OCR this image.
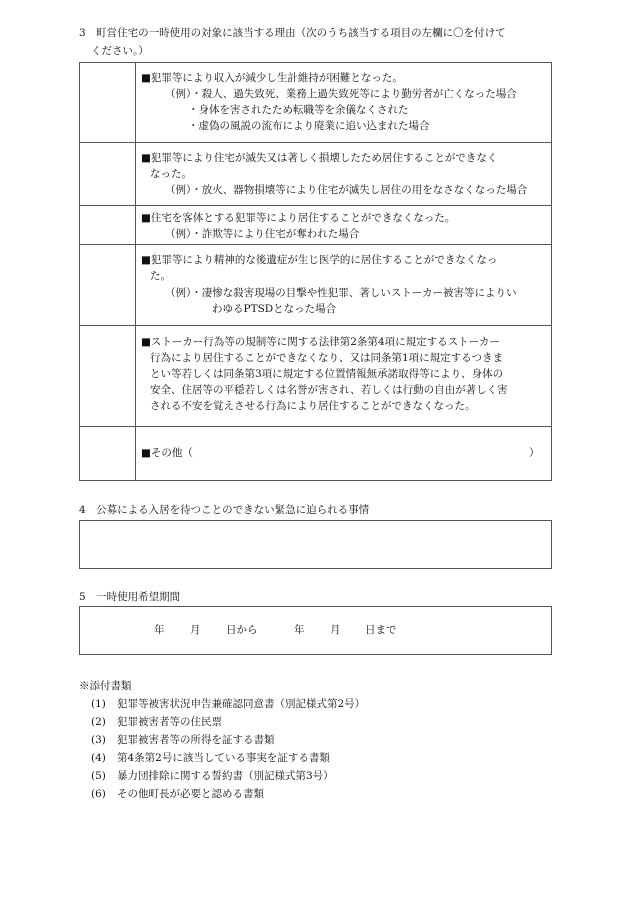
3　町営住宅の一時使用の対象に該当する理由（次のうち該当する項目の左欄に〇を付けて
ください。）
■犯罪等により収入が減少し生計維持が困難となった。
（例）・殺人、過失致死、業務上過失致死等により勤労者が亡くなった場合
・身体を害されたため転職等を余儀なくされた
・虚偽の風説の流布により廃業に追い込まれた場合
■犯罪等により住宅が滅失又は著しく損壊したため居住することができなく
なった。
（例）・放火、器物損壊等により住宅が滅失し居住の用をなさなくなった場合
■住宅を客体とする犯罪等により居住することができなくなった。
（例）・詐欺等により住宅が奪われた場合
■犯罪等により精神的な後遺症が生じ医学的に居住することができなくなっ
た。
（例）・凄惨な殺害現場の目撃や性犯罪、著しいストーカー被害等によりい
わゆるPTSDとなった場合
■ストーカー行為等の規制等に関する法律第2条第4項に規定するストーカー
行為により居住することができなくなり、又は同条第1項に規定するつきま
とい等若しくは同条第3項に規定する位置情報無承諾取得等により、身体の
安全、住居等の平穏若しくは名誉が害され、若しくは行動の自由が著しく害
される不安を覚えさせる行為により居住することができなくなった。
■その他（	）
4　公募による入居を待つことのできない緊急に迫られる事情
5　一時使用希望期間
年 月 日から	年 月 日まで
※添付書類
(1) 犯罪等被害状況申告兼確認同意書（別記様式第2号）
(2) 犯罪被害者等の住民票
(3) 犯罪被害者等の所得を証する書類
(4) 第4条第2号に該当している事実を証する書類
(5) 暴力団排除に関する誓約書（別記様式第3号）
(6) その他町長が必要と認める書類
